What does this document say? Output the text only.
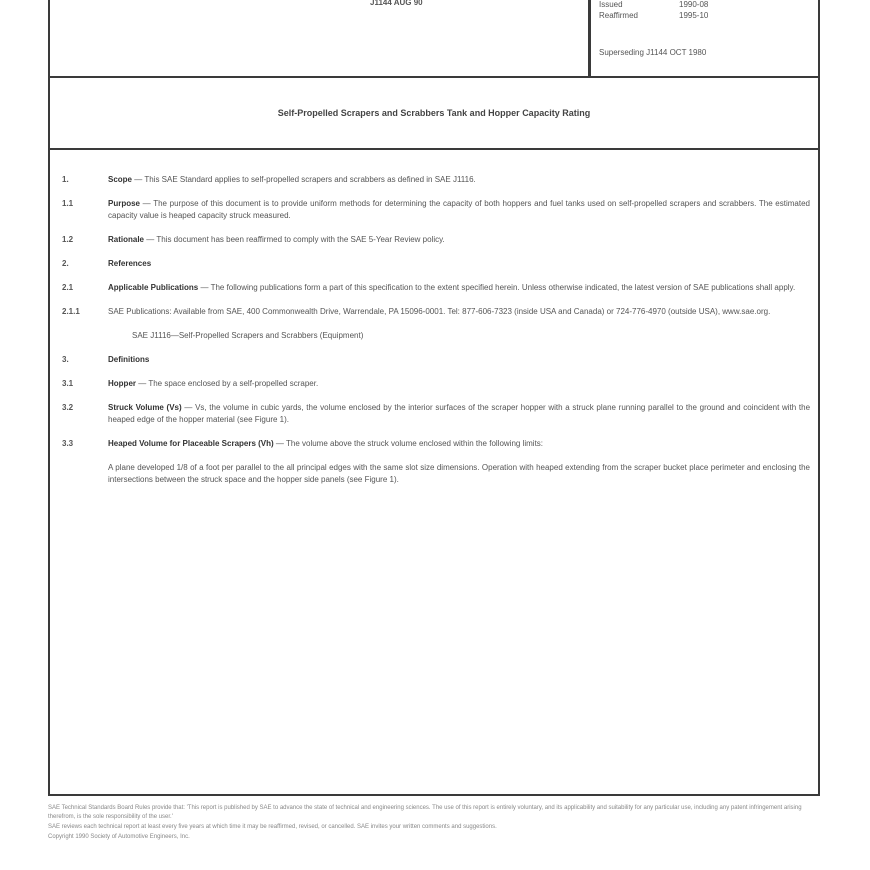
J1144 AUG 90	Issued	1990-08
Reaffirmed	1995-10
Superseding J1144 OCT 1980
Self-Propelled Scrapers and Scrabbers Tank and Hopper Capacity Rating
1.	Scope — This SAE Standard applies to self-propelled scrapers and scrabbers as defined in SAE J1116.
1.1	Purpose — The purpose of this document is to provide uniform methods for determining the capacity of both hoppers and fuel tanks used on self-propelled scrapers and scrabbers. The estimated capacity value is heaped capacity struck measured.
1.2	Rationale — This document has been reaffirmed to comply with the SAE 5-Year Review policy.
2.	References
2.1	Applicable Publications — The following publications form a part of this specification to the extent specified herein. Unless otherwise indicated, the latest version of SAE publications shall apply.
2.1.1	SAE Publications: Available from SAE, 400 Commonwealth Drive, Warrendale, PA 15096-0001. Tel: 877-606-7323 (inside USA and Canada) or 724-776-4970 (outside USA), www.sae.org.
SAE J1116—Self-Propelled Scrapers and Scrabbers (Equipment)
3.	Definitions
3.1	Hopper — The space enclosed by a self-propelled scraper.
3.2	Struck Volume (Vs) — Vs, the volume in cubic yards, the volume enclosed by the interior surfaces of the scraper hopper with a struck plane running parallel to the ground and coincident with the heaped edge of the hopper material (see Figure 1).
3.3	Heaped Volume for Placeable Scrapers (Vh) — The volume above the struck volume enclosed within the following limits:
A plane developed 1/8 of a foot per parallel to the all principal edges with the same slot size dimensions. Operation with heaped extending from the scraper bucket place perimeter and enclosing the intersections between the struck space and the hopper side panels (see Figure 1).
SAE Technical Standards Board Rules provide that: 'This report is published by SAE to advance the state of technical and engineering sciences. The use of this report is entirely voluntary, and its applicability and suitability for any particular use, including any patent infringement arising therefrom, is the sole responsibility of the user.'
SAE reviews each technical report at least every five years at which time it may be reaffirmed, revised, or cancelled. SAE invites your written comments and suggestions.
Copyright 1990 Society of Automotive Engineers, Inc.
